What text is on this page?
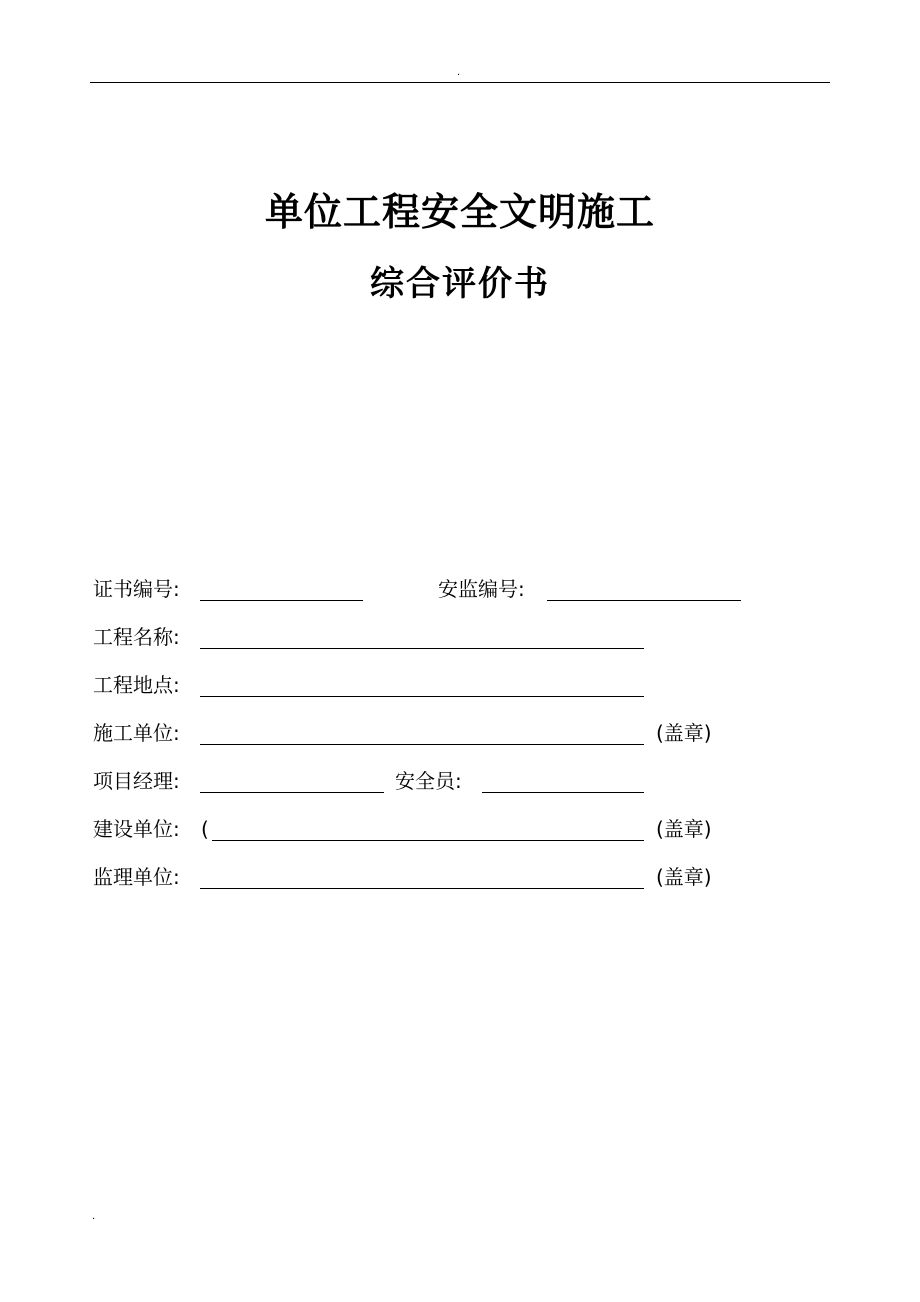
.
单位工程安全文明施工
综合评价书
证书编号:	安监编号:
工程名称:
工程地点:
施工单位:	(盖章)
项目经理:	安全员:
建设单位: (	(盖章)
监理单位:	(盖章)
.
